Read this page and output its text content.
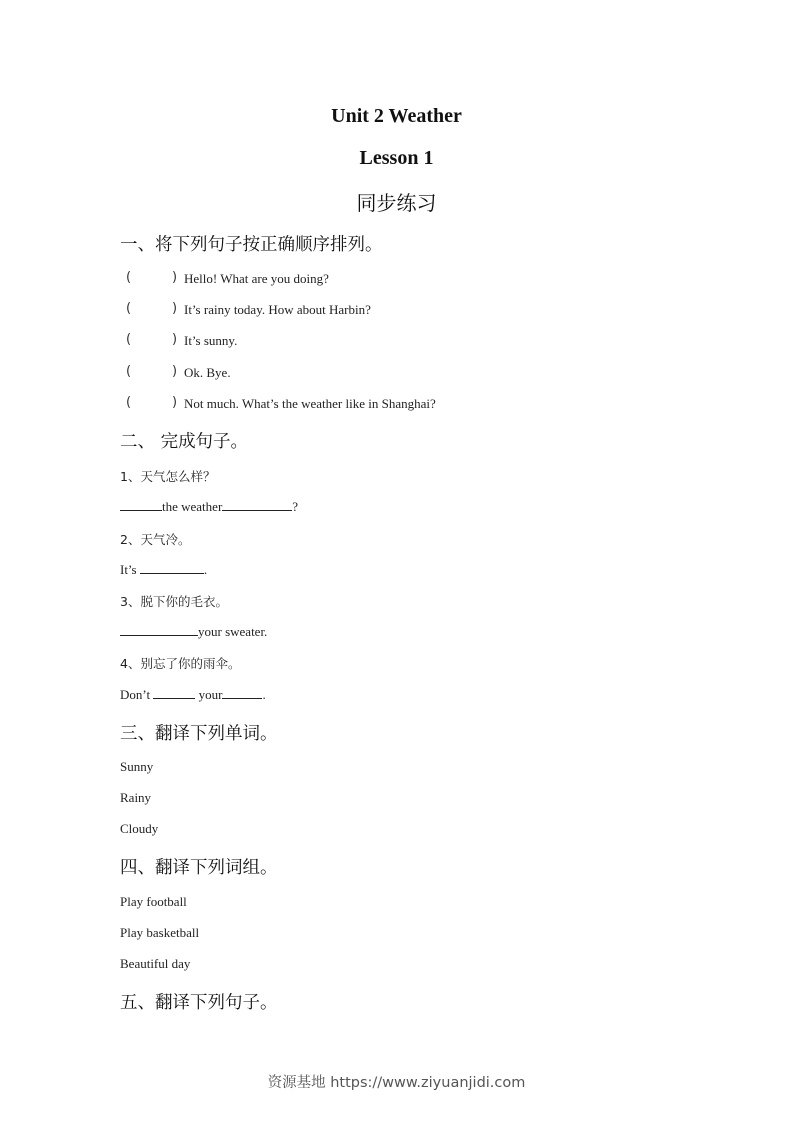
Unit 2 Weather
Lesson 1
同步练习
一、将下列句子按正确顺序排列。
(	) Hello! What are you doing?
(	) It’s rainy today. How about Harbin?
(	) It’s sunny.
(	) Ok. Bye.
(	) Not much. What’s the weather like in Shanghai?
二、 完成句子。
1、天气怎么样？
the weather	?
2、天气冷。
It’s	.
3、脱下你的毛衣。
your sweater.
4、别忘了你的雨伞。
Don’t	your	.
三、翻译下列单词。
Sunny
Rainy
Cloudy
四、翻译下列词组。
Play football
Play basketball
Beautiful day
五、翻译下列句子。
资源基地 https://www.ziyuanjidi.com
